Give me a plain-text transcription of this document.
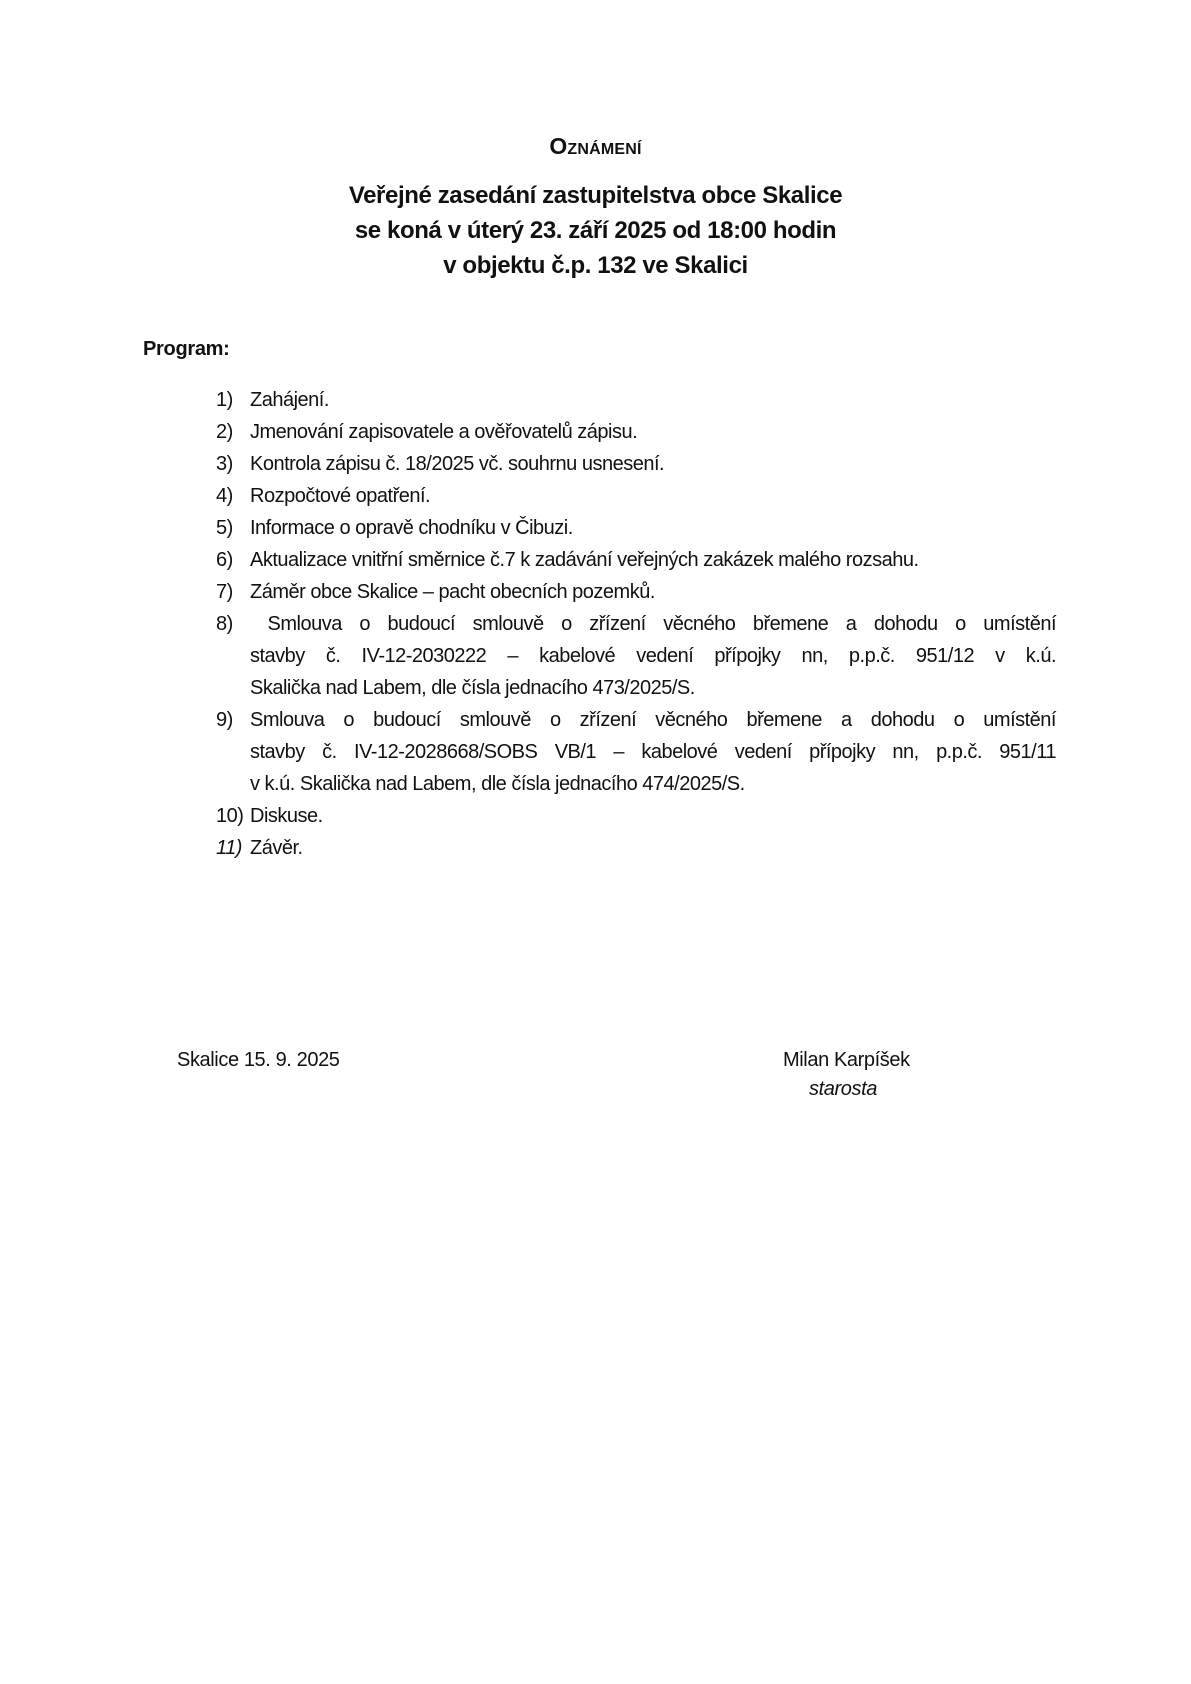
Oznámení
Veřejné zasedání zastupitelstva obce Skalice
se koná v úterý 23. září 2025 od 18:00 hodin
v objektu č.p. 132 ve Skalici
Program:
1) Zahájení.
2) Jmenování zapisovatele a ověřovatelů zápisu.
3) Kontrola zápisu č. 18/2025 vč. souhrnu usnesení.
4) Rozpočtové opatření.
5) Informace o opravě chodníku v Čibuzi.
6) Aktualizace vnitřní směrnice č.7 k zadávání veřejných zakázek malého rozsahu.
7) Záměr obce Skalice – pacht obecních pozemků.
8) Smlouva o budoucí smlouvě o zřízení věcného břemene a dohodu o umístění
stavby č. IV-12-2030222 – kabelové vedení přípojky nn, p.p.č. 951/12 v k.ú.
Skalička nad Labem, dle čísla jednacího 473/2025/S.
9) Smlouva o budoucí smlouvě o zřízení věcného břemene a dohodu o umístění
stavby č. IV-12-2028668/SOBS VB/1 – kabelové vedení přípojky nn, p.p.č. 951/11
v k.ú. Skalička nad Labem, dle čísla jednacího 474/2025/S.
10) Diskuse.
11) Závěr.
Skalice 15. 9. 2025	Milan Karpíšek
starosta
